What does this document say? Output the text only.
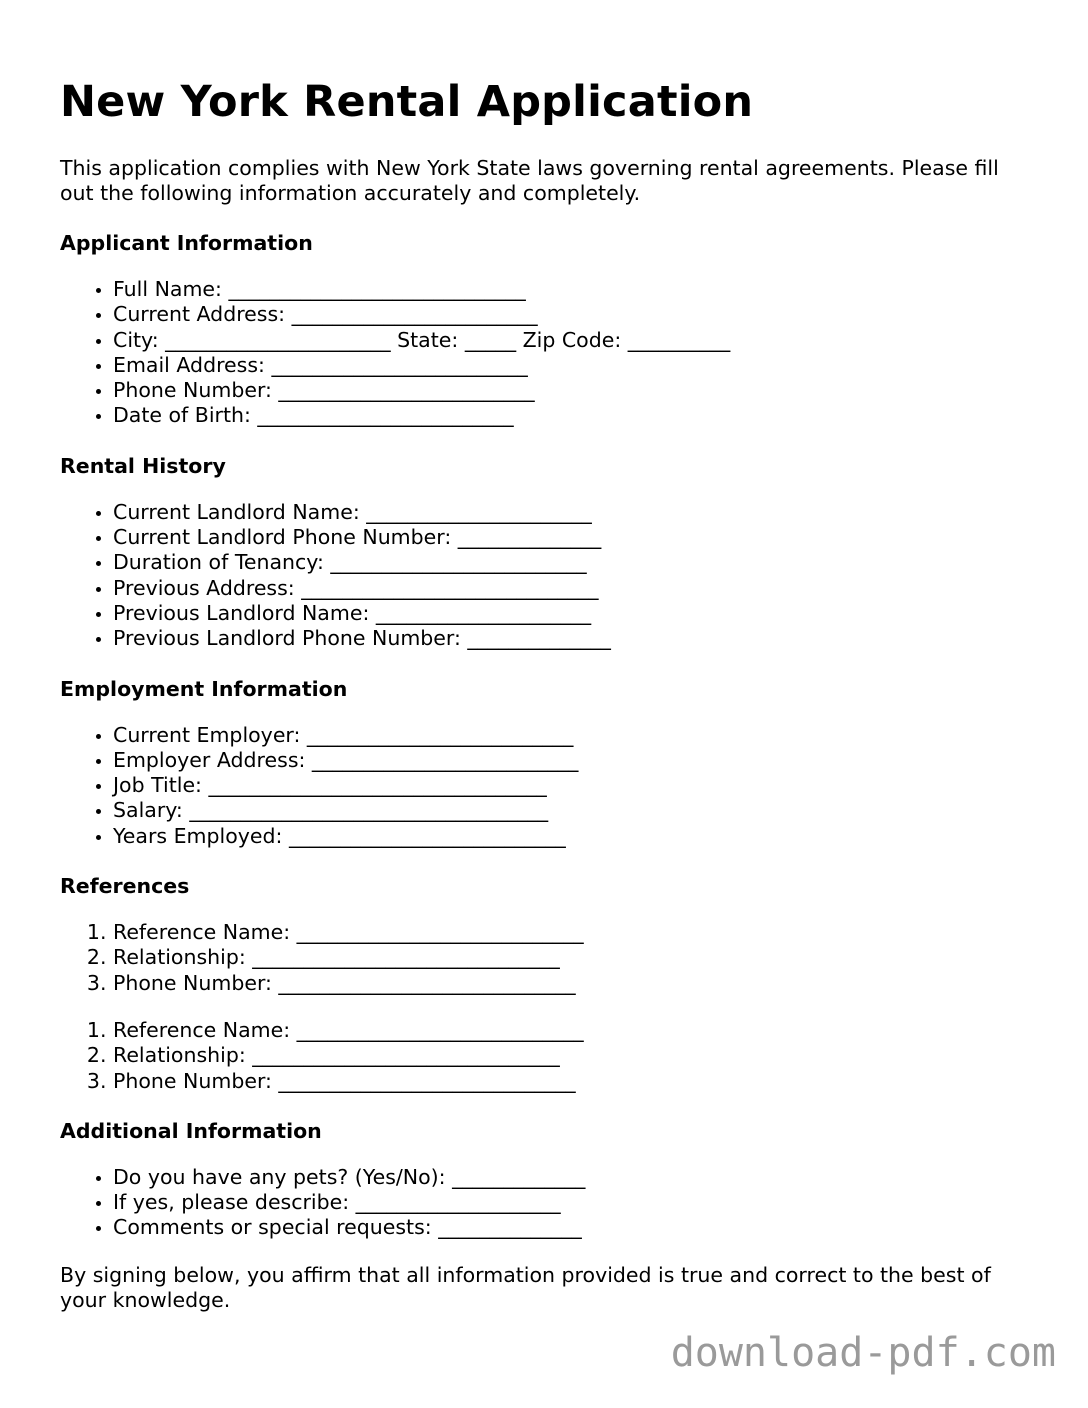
New York Rental Application

This application complies with New York State laws governing rental agreements. Please fill out the following information accurately and completely.

Applicant Information
• Full Name: _____________________________
• Current Address: ________________________
• City: ______________________ State: _____ Zip Code: __________
• Email Address: _________________________
• Phone Number: _________________________
• Date of Birth: _________________________
Rental History
• Current Landlord Name: ______________________
• Current Landlord Phone Number: ______________
• Duration of Tenancy: _________________________
• Previous Address: _____________________________
• Previous Landlord Name: _____________________
• Previous Landlord Phone Number: ______________
Employment Information
• Current Employer: __________________________
• Employer Address: __________________________
• Job Title: _________________________________
• Salary: ___________________________________
• Years Employed: ___________________________
References
1. Reference Name: ____________________________
2. Relationship: ______________________________
3. Phone Number: _____________________________
1. Reference Name: ____________________________
2. Relationship: ______________________________
3. Phone Number: _____________________________
Additional Information
• Do you have any pets? (Yes/No): _____________
• If yes, please describe: ____________________
• Comments or special requests: ______________

By signing below, you affirm that all information provided is true and correct to the best of your knowledge.

download-pdf.com
